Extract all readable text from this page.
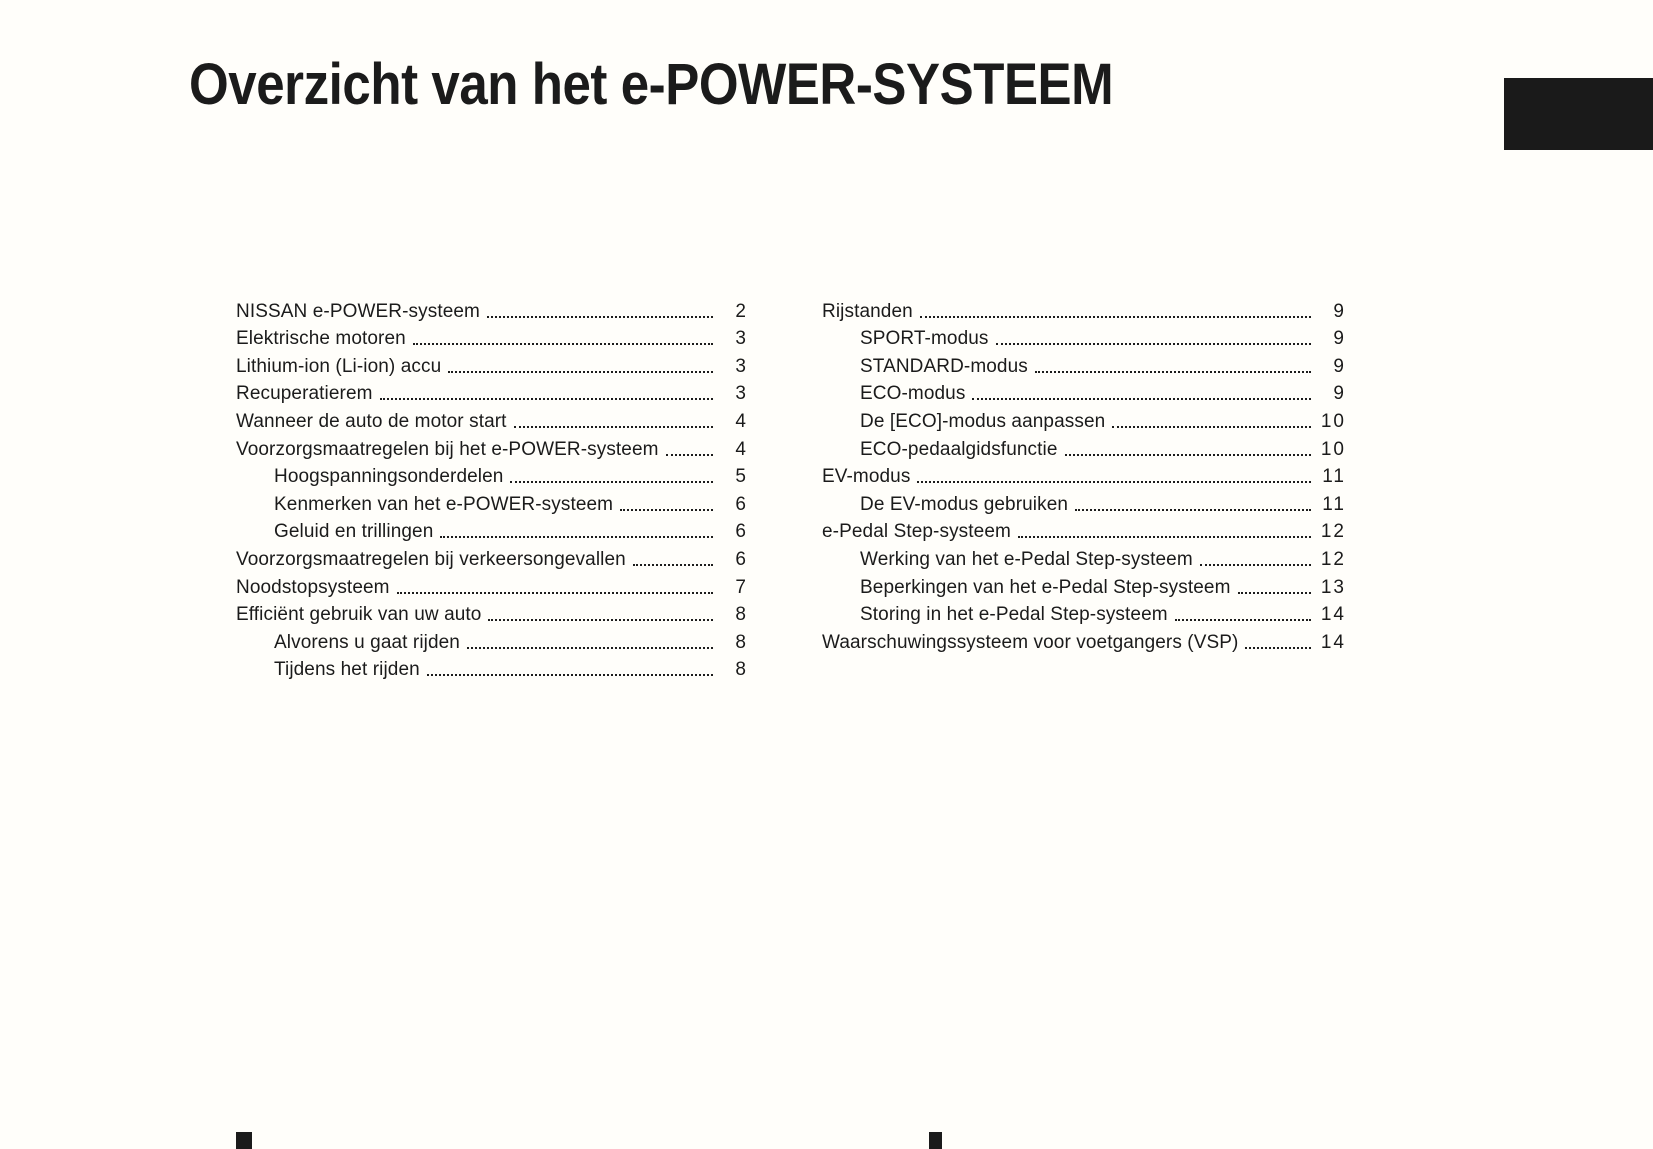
Overzicht van het e-POWER-SYSTEEM
NISSAN e-POWER-systeem	2
Elektrische motoren	3
Lithium-ion (Li-ion) accu	3
Recuperatierem	3
Wanneer de auto de motor start	4
Voorzorgsmaatregelen bij het e-POWER-systeem	4
Hoogspanningsonderdelen	5
Kenmerken van het e-POWER-systeem	6
Geluid en trillingen	6
Voorzorgsmaatregelen bij verkeersongevallen	6
Noodstopsysteem	7
Efficiënt gebruik van uw auto	8
Alvorens u gaat rijden	8
Tijdens het rijden	8
Rijstanden	9
SPORT-modus	9
STANDARD-modus	9
ECO-modus	9
De [ECO]-modus aanpassen	10
ECO-pedaalgidsfunctie	10
EV-modus	11
De EV-modus gebruiken	11
e-Pedal Step-systeem	12
Werking van het e-Pedal Step-systeem	12
Beperkingen van het e-Pedal Step-systeem	13
Storing in het e-Pedal Step-systeem	14
Waarschuwingssysteem voor voetgangers (VSP)	14
